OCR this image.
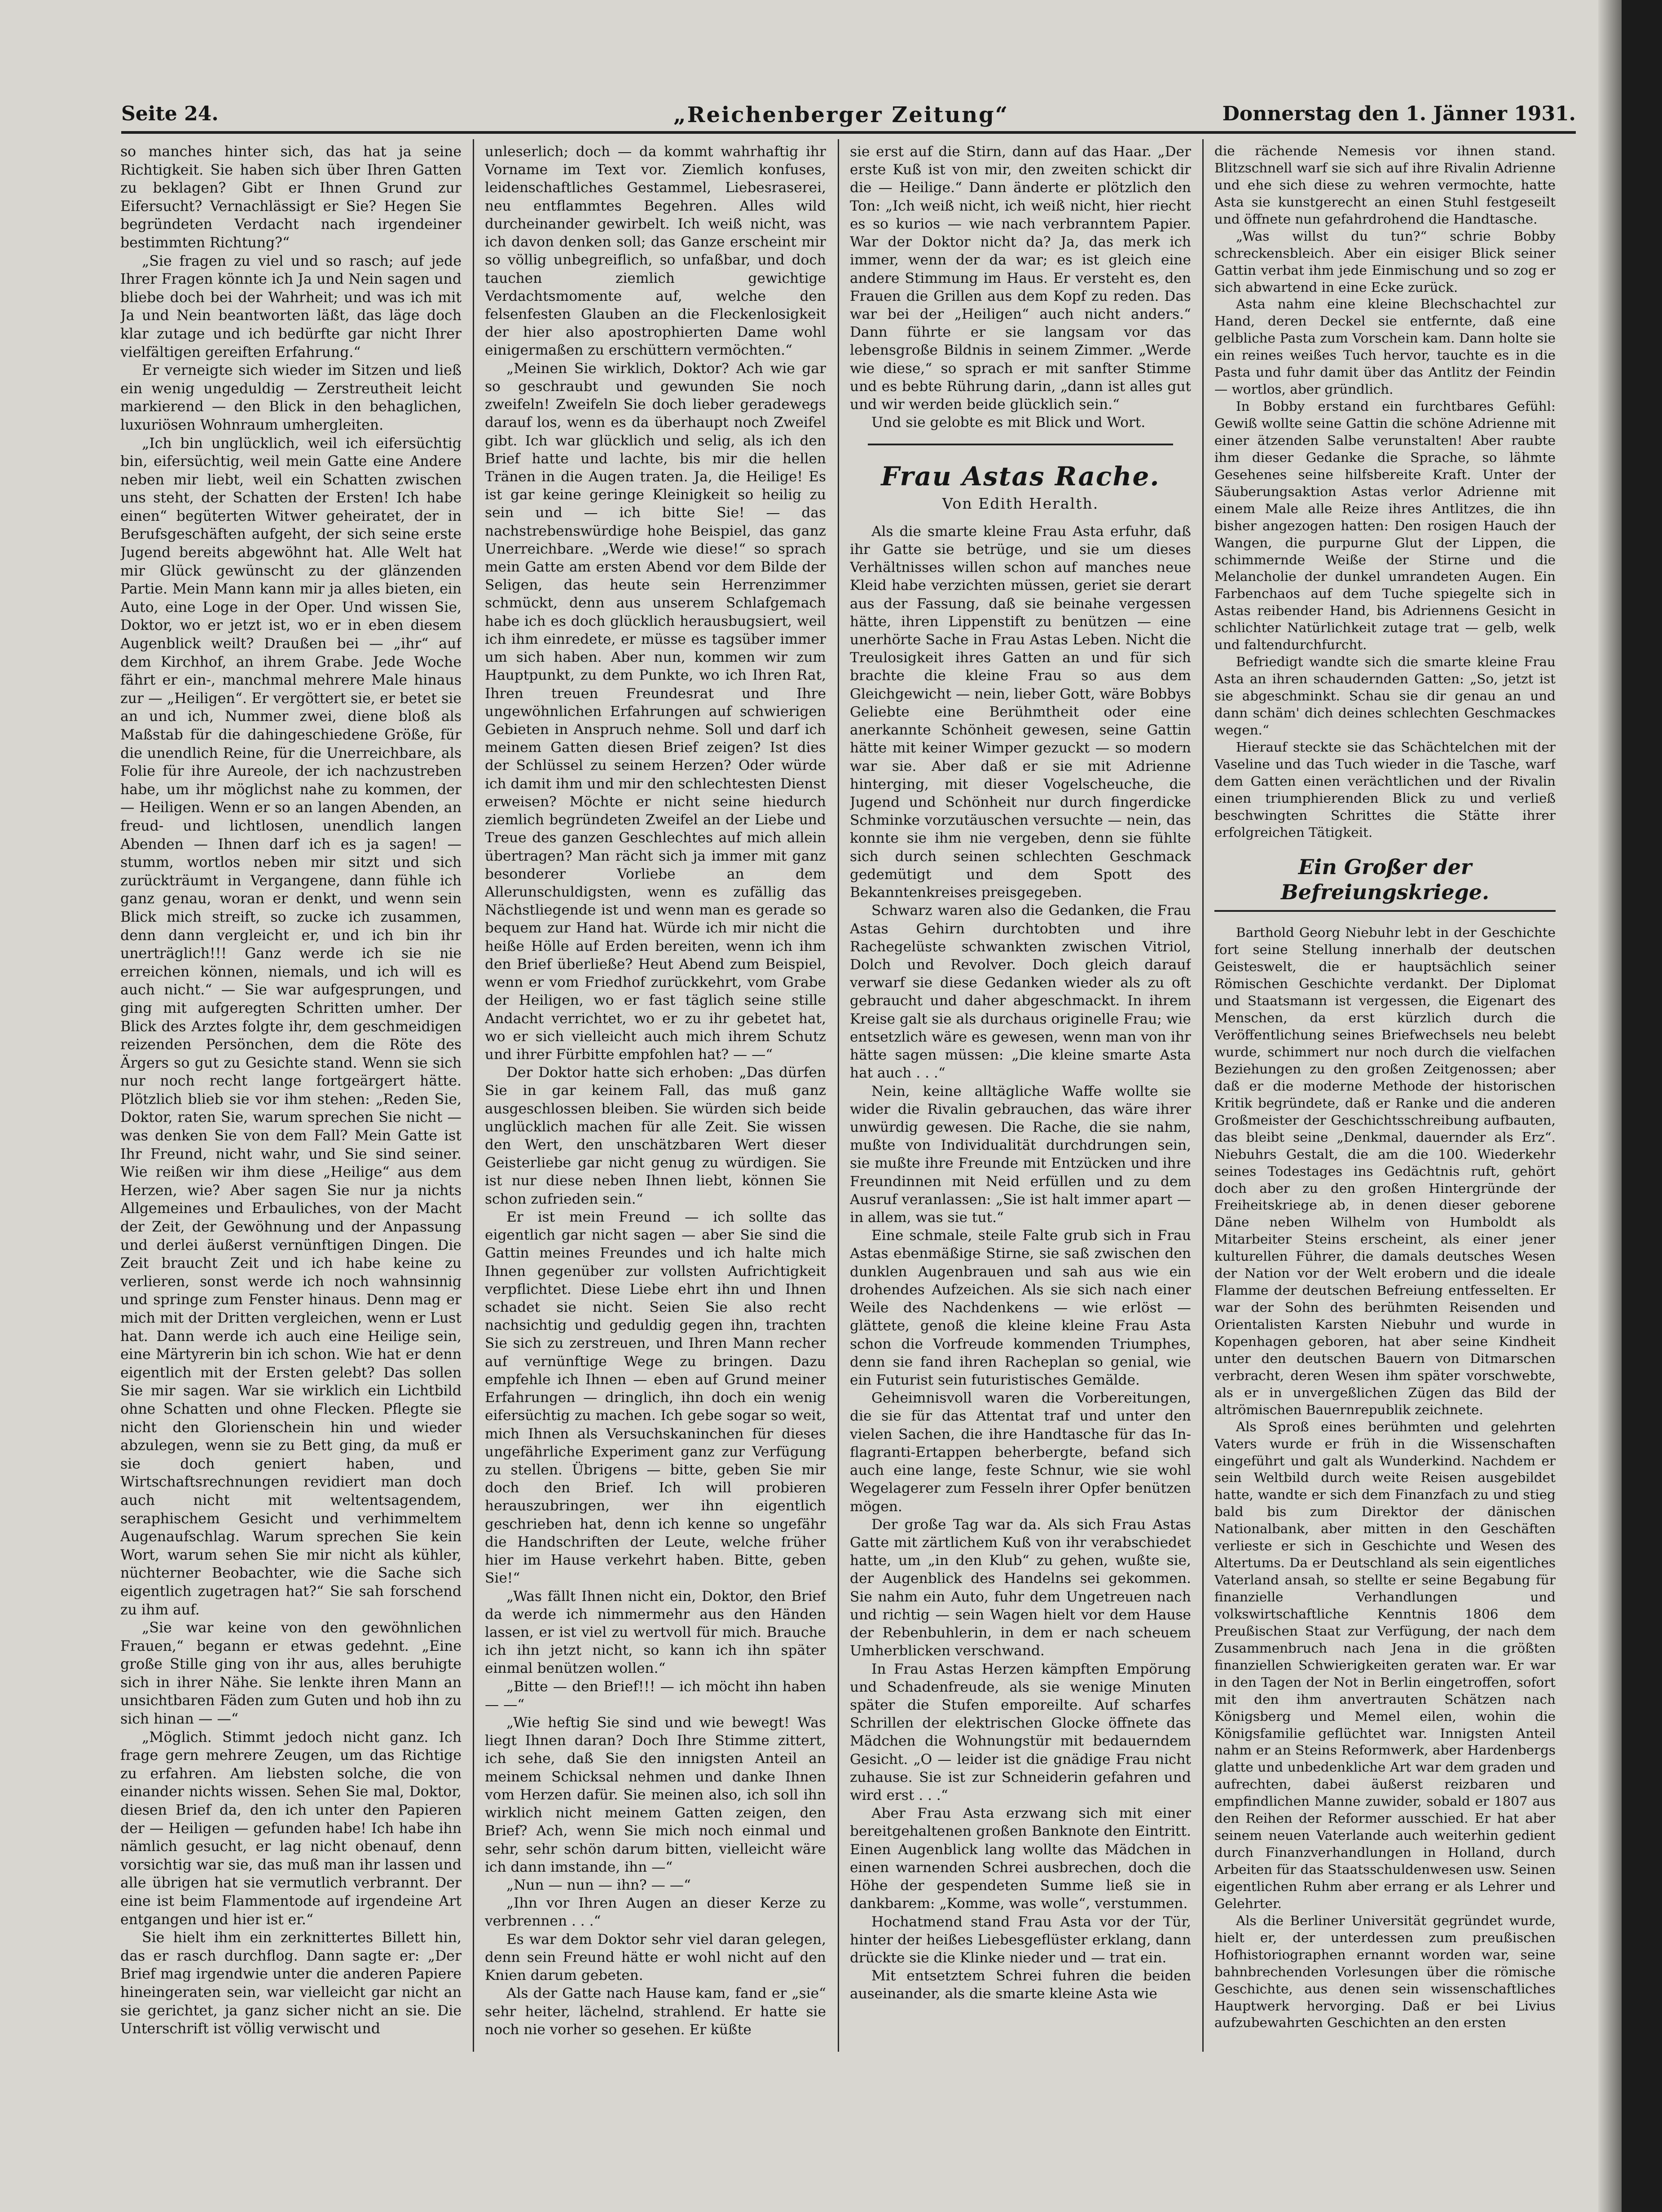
Seite 24.	„Reichenberger Zeitung“	Donnerstag den 1. Jänner 1931.

so manches hinter sich, das hat ja seine Richtigkeit. Sie haben sich über Ihren Gatten zu beklagen? Gibt er Ihnen Grund zur Eifersucht? Vernachlässigt er Sie? Hegen Sie begründeten Verdacht nach irgendeiner bestimmten Richtung?“

„Sie fragen zu viel und so rasch; auf jede Ihrer Fragen könnte ich Ja und Nein sagen und bliebe doch bei der Wahrheit; und was ich mit Ja und Nein beantworten läßt, das läge doch klar zutage und ich bedürfte gar nicht Ihrer vielfältigen gereiften Erfahrung.“

Er verneigte sich wieder im Sitzen und ließ ein wenig ungeduldig — Zerstreutheit leicht markierend — den Blick in den behaglichen, luxuriösen Wohnraum umhergleiten.

„Ich bin unglücklich, weil ich eifersüchtig bin, eifersüchtig, weil mein Gatte eine Andere neben mir liebt, weil ein Schatten zwischen uns steht, der Schatten der Ersten! Ich habe einen“ begüterten Witwer geheiratet, der in Berufsgeschäften aufgeht, der sich seine erste Jugend bereits abgewöhnt hat. Alle Welt hat mir Glück gewünscht zu der glänzenden Partie. Mein Mann kann mir ja alles bieten, ein Auto, eine Loge in der Oper. Und wissen Sie, Doktor, wo er jetzt ist, wo er in eben diesem Augenblick weilt? Draußen bei — „ihr“ auf dem Kirchhof, an ihrem Grabe. Jede Woche fährt er ein-, manchmal mehrere Male hinaus zur — „Heiligen“. Er vergöttert sie, er betet sie an und ich, Nummer zwei, diene bloß als Maßstab für die dahingeschiedene Größe, für die unendlich Reine, für die Unerreichbare, als Folie für ihre Aureole, der ich nachzustreben habe, um ihr möglichst nahe zu kommen, der — Heiligen. Wenn er so an langen Abenden, an freud- und lichtlosen, unendlich langen Abenden — Ihnen darf ich es ja sagen! — stumm, wortlos neben mir sitzt und sich zurückträumt in Vergangene, dann fühle ich ganz genau, woran er denkt, und wenn sein Blick mich streift, so zucke ich zusammen, denn dann vergleicht er, und ich bin ihr unerträglich!!! Ganz werde ich sie nie erreichen können, niemals, und ich will es auch nicht.“ — Sie war aufgesprungen, und ging mit aufgeregten Schritten umher. Der Blick des Arztes folgte ihr, dem geschmeidigen reizenden Persönchen, dem die Röte des Ärgers so gut zu Gesichte stand. Wenn sie sich nur noch recht lange fortgeärgert hätte. Plötzlich blieb sie vor ihm stehen: „Reden Sie, Doktor, raten Sie, warum sprechen Sie nicht — was denken Sie von dem Fall? Mein Gatte ist Ihr Freund, nicht wahr, und Sie sind seiner. Wie reißen wir ihm diese „Heilige“ aus dem Herzen, wie? Aber sagen Sie nur ja nichts Allgemeines und Erbauliches, von der Macht der Zeit, der Gewöhnung und der Anpassung und derlei äußerst vernünftigen Dingen. Die Zeit braucht Zeit und ich habe keine zu verlieren, sonst werde ich noch wahnsinnig und springe zum Fenster hinaus. Denn mag er mich mit der Dritten vergleichen, wenn er Lust hat. Dann werde ich auch eine Heilige sein, eine Märtyrerin bin ich schon. Wie hat er denn eigentlich mit der Ersten gelebt? Das sollen Sie mir sagen. War sie wirklich ein Lichtbild ohne Schatten und ohne Flecken. Pflegte sie nicht den Glorienschein hin und wieder abzulegen, wenn sie zu Bett ging, da muß er sie doch geniert haben, und Wirtschaftsrechnungen revidiert man doch auch nicht mit weltentsagendem, seraphischem Gesicht und verhimmeltem Augenaufschlag. Warum sprechen Sie kein Wort, warum sehen Sie mir nicht als kühler, nüchterner Beobachter, wie die Sache sich eigentlich zugetragen hat?“ Sie sah forschend zu ihm auf.

„Sie war keine von den gewöhnlichen Frauen,“ begann er etwas gedehnt. „Eine große Stille ging von ihr aus, alles beruhigte sich in ihrer Nähe. Sie lenkte ihren Mann an unsichtbaren Fäden zum Guten und hob ihn zu sich hinan — —“

„Möglich. Stimmt jedoch nicht ganz. Ich frage gern mehrere Zeugen, um das Richtige zu erfahren. Am liebsten solche, die von einander nichts wissen. Sehen Sie mal, Doktor, diesen Brief da, den ich unter den Papieren der — Heiligen — gefunden habe! Ich habe ihn nämlich gesucht, er lag nicht obenauf, denn vorsichtig war sie, das muß man ihr lassen und alle übrigen hat sie vermutlich verbrannt. Der eine ist beim Flammentode auf irgendeine Art entgangen und hier ist er.“

Sie hielt ihm ein zerknittertes Billett hin, das er rasch durchflog. Dann sagte er: „Der Brief mag irgendwie unter die anderen Papiere hineingeraten sein, war vielleicht gar nicht an sie gerichtet, ja ganz sicher nicht an sie. Die Unterschrift ist völlig verwischt und

unleserlich; doch — da kommt wahrhaftig ihr Vorname im Text vor. Ziemlich konfuses, leidenschaftliches Gestammel, Liebesraserei, neu entflammtes Begehren. Alles wild durcheinander gewirbelt. Ich weiß nicht, was ich davon denken soll; das Ganze erscheint mir so völlig unbegreiflich, so unfaßbar, und doch tauchen ziemlich gewichtige Verdachtsmomente auf, welche den felsenfesten Glauben an die Fleckenlosigkeit der hier also apostrophierten Dame wohl einigermaßen zu erschüttern vermöchten.“

„Meinen Sie wirklich, Doktor? Ach wie gar so geschraubt und gewunden Sie noch zweifeln! Zweifeln Sie doch lieber geradewegs darauf los, wenn es da überhaupt noch Zweifel gibt. Ich war glücklich und selig, als ich den Brief hatte und lachte, bis mir die hellen Tränen in die Augen traten. Ja, die Heilige! Es ist gar keine geringe Kleinigkeit so heilig zu sein und — ich bitte Sie! — das nachstrebenswürdige hohe Beispiel, das ganz Unerreichbare. „Werde wie diese!“ so sprach mein Gatte am ersten Abend vor dem Bilde der Seligen, das heute sein Herrenzimmer schmückt, denn aus unserem Schlafgemach habe ich es doch glücklich herausbugsiert, weil ich ihm einredete, er müsse es tagsüber immer um sich haben. Aber nun, kommen wir zum Hauptpunkt, zu dem Punkte, wo ich Ihren Rat, Ihren treuen Freundesrat und Ihre ungewöhnlichen Erfahrungen auf schwierigen Gebieten in Anspruch nehme. Soll und darf ich meinem Gatten diesen Brief zeigen? Ist dies der Schlüssel zu seinem Herzen? Oder würde ich damit ihm und mir den schlechtesten Dienst erweisen? Möchte er nicht seine hiedurch ziemlich begründeten Zweifel an der Liebe und Treue des ganzen Geschlechtes auf mich allein übertragen? Man rächt sich ja immer mit ganz besonderer Vorliebe an dem Allerunschuldigsten, wenn es zufällig das Nächstliegende ist und wenn man es gerade so bequem zur Hand hat. Würde ich mir nicht die heiße Hölle auf Erden bereiten, wenn ich ihm den Brief überließe? Heut Abend zum Beispiel, wenn er vom Friedhof zurückkehrt, vom Grabe der Heiligen, wo er fast täglich seine stille Andacht verrichtet, wo er zu ihr gebetet hat, wo er sich vielleicht auch mich ihrem Schutz und ihrer Fürbitte empfohlen hat? — —“

Der Doktor hatte sich erhoben: „Das dürfen Sie in gar keinem Fall, das muß ganz ausgeschlossen bleiben. Sie würden sich beide unglücklich machen für alle Zeit. Sie wissen den Wert, den unschätzbaren Wert dieser Geisterliebe gar nicht genug zu würdigen. Sie ist nur diese neben Ihnen liebt, können Sie schon zufrieden sein.“

Er ist mein Freund — ich sollte das eigentlich gar nicht sagen — aber Sie sind die Gattin meines Freundes und ich halte mich Ihnen gegenüber zur vollsten Aufrichtigkeit verpflichtet. Diese Liebe ehrt ihn und Ihnen schadet sie nicht. Seien Sie also recht nachsichtig und geduldig gegen ihn, trachten Sie sich zu zerstreuen, und Ihren Mann recher auf vernünftige Wege zu bringen. Dazu empfehle ich Ihnen — eben auf Grund meiner Erfahrungen — dringlich, ihn doch ein wenig eifersüchtig zu machen. Ich gebe sogar so weit, mich Ihnen als Versuchskaninchen für dieses ungefährliche Experiment ganz zur Verfügung zu stellen. Übrigens — bitte, geben Sie mir doch den Brief. Ich will probieren herauszubringen, wer ihn eigentlich geschrieben hat, denn ich kenne so ungefähr die Handschriften der Leute, welche früher hier im Hause verkehrt haben. Bitte, geben Sie!“

„Was fällt Ihnen nicht ein, Doktor, den Brief da werde ich nimmermehr aus den Händen lassen, er ist viel zu wertvoll für mich. Brauche ich ihn jetzt nicht, so kann ich ihn später einmal benützen wollen.“

„Bitte — den Brief!!! — ich möcht ihn haben — —“

„Wie heftig Sie sind und wie bewegt! Was liegt Ihnen daran? Doch Ihre Stimme zittert, ich sehe, daß Sie den innigsten Anteil an meinem Schicksal nehmen und danke Ihnen vom Herzen dafür. Sie meinen also, ich soll ihn wirklich nicht meinem Gatten zeigen, den Brief? Ach, wenn Sie mich noch einmal und sehr, sehr schön darum bitten, vielleicht wäre ich dann imstande, ihn —“

„Nun — nun — ihn? — —“

„Ihn vor Ihren Augen an dieser Kerze zu verbrennen . . .“

Es war dem Doktor sehr viel daran gelegen, denn sein Freund hätte er wohl nicht auf den Knien darum gebeten.

Als der Gatte nach Hause kam, fand er „sie“ sehr heiter, lächelnd, strahlend. Er hatte sie noch nie vorher so gesehen. Er küßte

sie erst auf die Stirn, dann auf das Haar. „Der erste Kuß ist von mir, den zweiten schickt dir die — Heilige.“ Dann änderte er plötzlich den Ton: „Ich weiß nicht, ich weiß nicht, hier riecht es so kurios — wie nach verbranntem Papier. War der Doktor nicht da? Ja, das merk ich immer, wenn der da war; es ist gleich eine andere Stimmung im Haus. Er versteht es, den Frauen die Grillen aus dem Kopf zu reden. Das war bei der „Heiligen“ auch nicht anders.“ Dann führte er sie langsam vor das lebensgroße Bildnis in seinem Zimmer. „Werde wie diese,“ so sprach er mit sanfter Stimme und es bebte Rührung darin, „dann ist alles gut und wir werden beide glücklich sein.“

Und sie gelobte es mit Blick und Wort.

Frau Astas Rache.
Von Edith Heralth.

Als die smarte kleine Frau Asta erfuhr, daß ihr Gatte sie betrüge, und sie um dieses Verhältnisses willen schon auf manches neue Kleid habe verzichten müssen, geriet sie derart aus der Fassung, daß sie beinahe vergessen hätte, ihren Lippenstift zu benützen — eine unerhörte Sache in Frau Astas Leben. Nicht die Treulosigkeit ihres Gatten an und für sich brachte die kleine Frau so aus dem Gleichgewicht — nein, lieber Gott, wäre Bobbys Geliebte eine Berühmtheit oder eine anerkannte Schönheit gewesen, seine Gattin hätte mit keiner Wimper gezuckt — so modern war sie. Aber daß er sie mit Adrienne hinterging, mit dieser Vogelscheuche, die Jugend und Schönheit nur durch fingerdicke Schminke vorzutäuschen versuchte — nein, das konnte sie ihm nie vergeben, denn sie fühlte sich durch seinen schlechten Geschmack gedemütigt und dem Spott des Bekanntenkreises preisgegeben.

Schwarz waren also die Gedanken, die Frau Astas Gehirn durchtobten und ihre Rachegelüste schwankten zwischen Vitriol, Dolch und Revolver. Doch gleich darauf verwarf sie diese Gedanken wieder als zu oft gebraucht und daher abgeschmackt. In ihrem Kreise galt sie als durchaus originelle Frau; wie entsetzlich wäre es gewesen, wenn man von ihr hätte sagen müssen: „Die kleine smarte Asta hat auch . . .“

Nein, keine alltägliche Waffe wollte sie wider die Rivalin gebrauchen, das wäre ihrer unwürdig gewesen. Die Rache, die sie nahm, mußte von Individualität durchdrungen sein, sie mußte ihre Freunde mit Entzücken und ihre Freundinnen mit Neid erfüllen und zu dem Ausruf veranlassen: „Sie ist halt immer apart — in allem, was sie tut.“

Eine schmale, steile Falte grub sich in Frau Astas ebenmäßige Stirne, sie saß zwischen den dunklen Augenbrauen und sah aus wie ein drohendes Aufzeichen. Als sie sich nach einer Weile des Nachdenkens — wie erlöst — glättete, genoß die kleine kleine Frau Asta schon die Vorfreude kommenden Triumphes, denn sie fand ihren Racheplan so genial, wie ein Futurist sein futuristisches Gemälde.

Geheimnisvoll waren die Vorbereitungen, die sie für das Attentat traf und unter den vielen Sachen, die ihre Handtasche für das In-flagranti-Ertappen beherbergte, befand sich auch eine lange, feste Schnur, wie sie wohl Wegelagerer zum Fesseln ihrer Opfer benützen mögen.

Der große Tag war da. Als sich Frau Astas Gatte mit zärtlichem Kuß von ihr verabschiedet hatte, um „in den Klub“ zu gehen, wußte sie, der Augenblick des Handelns sei gekommen. Sie nahm ein Auto, fuhr dem Ungetreuen nach und richtig — sein Wagen hielt vor dem Hause der Rebenbuhlerin, in dem er nach scheuem Umherblicken verschwand.

In Frau Astas Herzen kämpften Empörung und Schadenfreude, als sie wenige Minuten später die Stufen emporeilte. Auf scharfes Schrillen der elektrischen Glocke öffnete das Mädchen die Wohnungstür mit bedauerndem Gesicht. „O — leider ist die gnädige Frau nicht zuhause. Sie ist zur Schneiderin gefahren und wird erst . . .“

Aber Frau Asta erzwang sich mit einer bereitgehaltenen großen Banknote den Eintritt. Einen Augenblick lang wollte das Mädchen in einen warnenden Schrei ausbrechen, doch die Höhe der gespendeten Summe ließ sie in dankbarem: „Komme, was wolle“, verstummen.

Hochatmend stand Frau Asta vor der Tür, hinter der heißes Liebesgeflüster erklang, dann drückte sie die Klinke nieder und — trat ein.

Mit entsetztem Schrei fuhren die beiden auseinander, als die smarte kleine Asta wie

die rächende Nemesis vor ihnen stand. Blitzschnell warf sie sich auf ihre Rivalin Adrienne und ehe sich diese zu wehren vermochte, hatte Asta sie kunstgerecht an einen Stuhl festgeseilt und öffnete nun gefahrdrohend die Handtasche.

„Was willst du tun?“ schrie Bobby schreckensbleich. Aber ein eisiger Blick seiner Gattin verbat ihm jede Einmischung und so zog er sich abwartend in eine Ecke zurück.

Asta nahm eine kleine Blechschachtel zur Hand, deren Deckel sie entfernte, daß eine gelbliche Pasta zum Vorschein kam. Dann holte sie ein reines weißes Tuch hervor, tauchte es in die Pasta und fuhr damit über das Antlitz der Feindin — wortlos, aber gründlich.

In Bobby erstand ein furchtbares Gefühl: Gewiß wollte seine Gattin die schöne Adrienne mit einer ätzenden Salbe verunstalten! Aber raubte ihm dieser Gedanke die Sprache, so lähmte Gesehenes seine hilfsbereite Kraft. Unter der Säuberungsaktion Astas verlor Adrienne mit einem Male alle Reize ihres Antlitzes, die ihn bisher angezogen hatten: Den rosigen Hauch der Wangen, die purpurne Glut der Lippen, die schimmernde Weiße der Stirne und die Melancholie der dunkel umrandeten Augen. Ein Farbenchaos auf dem Tuche spiegelte sich in Astas reibender Hand, bis Adriennens Gesicht in schlichter Natürlichkeit zutage trat — gelb, welk und faltendurchfurcht.

Befriedigt wandte sich die smarte kleine Frau Asta an ihren schaudernden Gatten: „So, jetzt ist sie abgeschminkt. Schau sie dir genau an und dann schäm' dich deines schlechten Geschmackes wegen.“

Hierauf steckte sie das Schächtelchen mit der Vaseline und das Tuch wieder in die Tasche, warf dem Gatten einen verächtlichen und der Rivalin einen triumphierenden Blick zu und verließ beschwingten Schrittes die Stätte ihrer erfolgreichen Tätigkeit.

Ein Großer der Befreiungskriege.

Barthold Georg Niebuhr lebt in der Geschichte fort seine Stellung innerhalb der deutschen Geisteswelt, die er hauptsächlich seiner Römischen Geschichte verdankt. Der Diplomat und Staatsmann ist vergessen, die Eigenart des Menschen, da erst kürzlich durch die Veröffentlichung seines Briefwechsels neu belebt wurde, schimmert nur noch durch die vielfachen Beziehungen zu den großen Zeitgenossen; aber daß er die moderne Methode der historischen Kritik begründete, daß er Ranke und die anderen Großmeister der Geschichtsschreibung aufbauten, das bleibt seine „Denkmal, dauernder als Erz“. Niebuhrs Gestalt, die am die 100. Wiederkehr seines Todestages ins Gedächtnis ruft, gehört doch aber zu den großen Hintergründe der Freiheitskriege ab, in denen dieser geborene Däne neben Wilhelm von Humboldt als Mitarbeiter Steins erscheint, als einer jener kulturellen Führer, die damals deutsches Wesen der Nation vor der Welt erobern und die ideale Flamme der deutschen Befreiung entfesselten. Er war der Sohn des berühmten Reisenden und Orientalisten Karsten Niebuhr und wurde in Kopenhagen geboren, hat aber seine Kindheit unter den deutschen Bauern von Ditmarschen verbracht, deren Wesen ihm später vorschwebte, als er in unvergeßlichen Zügen das Bild der altrömischen Bauernrepublik zeichnete.

Als Sproß eines berühmten und gelehrten Vaters wurde er früh in die Wissenschaften eingeführt und galt als Wunderkind. Nachdem er sein Weltbild durch weite Reisen ausgebildet hatte, wandte er sich dem Finanzfach zu und stieg bald bis zum Direktor der dänischen Nationalbank, aber mitten in den Geschäften verlieste er sich in Geschichte und Wesen des Altertums. Da er Deutschland als sein eigentliches Vaterland ansah, so stellte er seine Begabung für finanzielle Verhandlungen und volkswirtschaftliche Kenntnis 1806 dem Preußischen Staat zur Verfügung, der nach dem Zusammenbruch nach Jena in die größten finanziellen Schwierigkeiten geraten war. Er war in den Tagen der Not in Berlin eingetroffen, sofort mit den ihm anvertrauten Schätzen nach Königsberg und Memel eilen, wohin die Königsfamilie geflüchtet war. Innigsten Anteil nahm er an Steins Reformwerk, aber Hardenbergs glatte und unbedenkliche Art war dem graden und aufrechten, dabei äußerst reizbaren und empfindlichen Manne zuwider, sobald er 1807 aus den Reihen der Reformer ausschied. Er hat aber seinem neuen Vaterlande auch weiterhin gedient durch Finanzverhandlungen in Holland, durch Arbeiten für das Staatsschuldenwesen usw. Seinen eigentlichen Ruhm aber errang er als Lehrer und Gelehrter.

Als die Berliner Universität gegründet wurde, hielt er, der unterdessen zum preußischen Hofhistoriographen ernannt worden war, seine bahnbrechenden Vorlesungen über die römische Geschichte, aus denen sein wissenschaftliches Hauptwerk hervorging. Daß er bei Livius aufzubewahrten Geschichten an den ersten
